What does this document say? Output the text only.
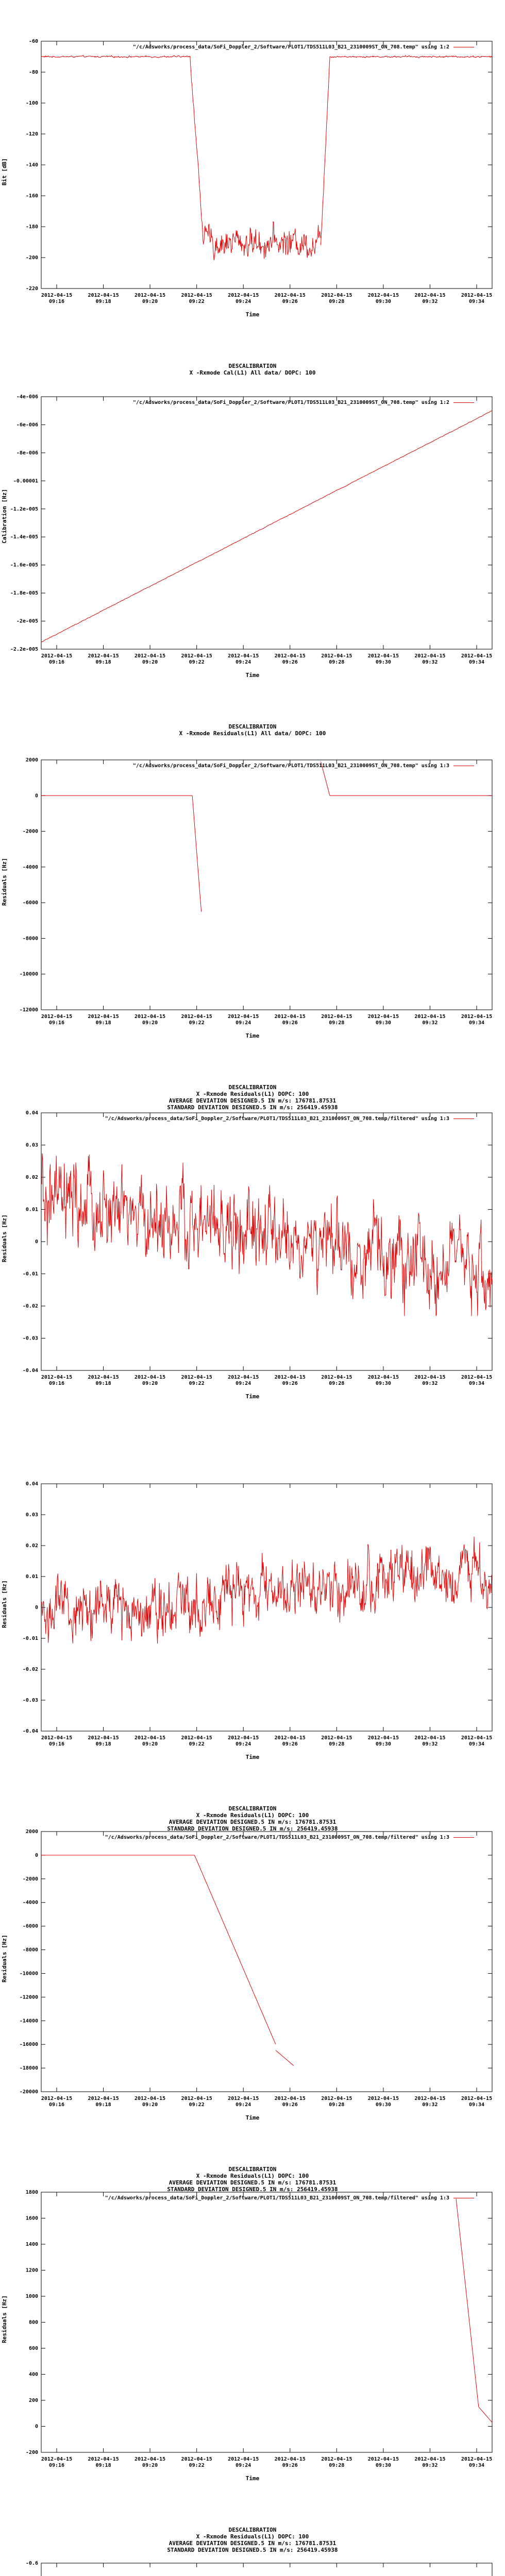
"/c/Adsworks/process_data/SoFi_Doppler_2/Software/PLOT1/TDS511L03_B21_2310009ST_ON_708.temp" using 1:2
Bit [dB]
Time
-60
-80
-100
-120
-140
-160
-180
-200
-220
2012-04-15 09:16
2012-04-15 09:18
2012-04-15 09:20
2012-04-15 09:22
2012-04-15 09:24
2012-04-15 09:26
2012-04-15 09:28
2012-04-15 09:30
2012-04-15 09:32
2012-04-15 09:34
DESCALIBRATION
X -Rxmode Cal(L1) All data/ DOPC: 100
"/c/Adsworks/process_data/SoFi_Doppler_2/Software/PLOT1/TDS511L03_B21_2310009ST_ON_708.temp" using 1:2
Calibration [Hz]
Time
-4e-006
-6e-006
-8e-006
-0.00001
-1.2e-005
-1.4e-005
-1.6e-005
-1.8e-005
-2e-005
-2.2e-005
2012-04-15 09:16
2012-04-15 09:18
2012-04-15 09:20
2012-04-15 09:22
2012-04-15 09:24
2012-04-15 09:26
2012-04-15 09:28
2012-04-15 09:30
2012-04-15 09:32
2012-04-15 09:34
DESCALIBRATION
X -Rxmode Residuals(L1) All data/ DOPC: 100
"/c/Adsworks/process_data/SoFi_Doppler_2/Software/PLOT1/TDS511L03_B21_2310009ST_ON_708.temp" using 1:3
Residuals [Hz]
Time
2000
0
-2000
-4000
-6000
-8000
-10000
-12000
2012-04-15 09:16
2012-04-15 09:18
2012-04-15 09:20
2012-04-15 09:22
2012-04-15 09:24
2012-04-15 09:26
2012-04-15 09:28
2012-04-15 09:30
2012-04-15 09:32
2012-04-15 09:34
DESCALIBRATION
X -Rxmode Residuals(L1) DOPC: 100
AVERAGE DEVIATION DESIGNED.5 IN m/s: 176781.87531
STANDARD DEVIATION DESIGNED.5 IN m/s: 256419.45938
"/c/Adsworks/process_data/SoFi_Doppler_2/Software/PLOT1/TDS511L03_B21_2310009ST_ON_708.temp/filtered" using 1:3
Residuals [Hz]
Time
0.04
0.03
0.02
0.01
0
-0.01
-0.02
-0.03
-0.04
2012-04-15 09:16
2012-04-15 09:18
2012-04-15 09:20
2012-04-15 09:22
2012-04-15 09:24
2012-04-15 09:26
2012-04-15 09:28
2012-04-15 09:30
2012-04-15 09:32
2012-04-15 09:34
Residuals [Hz]
Time
0.04
0.03
0.02
0.01
0
-0.01
-0.02
-0.03
-0.04
2012-04-15 09:16
2012-04-15 09:18
2012-04-15 09:20
2012-04-15 09:22
2012-04-15 09:24
2012-04-15 09:26
2012-04-15 09:28
2012-04-15 09:30
2012-04-15 09:32
2012-04-15 09:34
DESCALIBRATION
X -Rxmode Residuals(L1) DOPC: 100
AVERAGE DEVIATION DESIGNED.5 IN m/s: 176781.87531
STANDARD DEVIATION DESIGNED.5 IN m/s: 256419.45938
"/c/Adsworks/process_data/SoFi_Doppler_2/Software/PLOT1/TDS511L03_B21_2310009ST_ON_708.temp/filtered" using 1:3
Residuals [Hz]
Time
2000
0
-2000
-4000
-6000
-8000
-10000
-12000
-14000
-16000
-18000
-20000
2012-04-15 09:16
2012-04-15 09:18
2012-04-15 09:20
2012-04-15 09:22
2012-04-15 09:24
2012-04-15 09:26
2012-04-15 09:28
2012-04-15 09:30
2012-04-15 09:32
2012-04-15 09:34
DESCALIBRATION
X -Rxmode Residuals(L1) DOPC: 100
AVERAGE DEVIATION DESIGNED.5 IN m/s: 176781.87531
STANDARD DEVIATION DESIGNED.5 IN m/s: 256419.45938
"/c/Adsworks/process_data/SoFi_Doppler_2/Software/PLOT1/TDS511L03_B21_2310009ST_ON_708.temp/filtered" using 1:3
Residuals [Hz]
Time
1800
1600
1400
1200
1000
800
600
400
200
0
-200
2012-04-15 09:16
2012-04-15 09:18
2012-04-15 09:20
2012-04-15 09:22
2012-04-15 09:24
2012-04-15 09:26
2012-04-15 09:28
2012-04-15 09:30
2012-04-15 09:32
2012-04-15 09:34
DESCALIBRATION
X -Rxmode Residuals(L1) DOPC: 100
AVERAGE DEVIATION DESIGNED.5 IN m/s: 176781.87531
STANDARD DEVIATION DESIGNED.5 IN m/s: 256419.45938
-0.6
